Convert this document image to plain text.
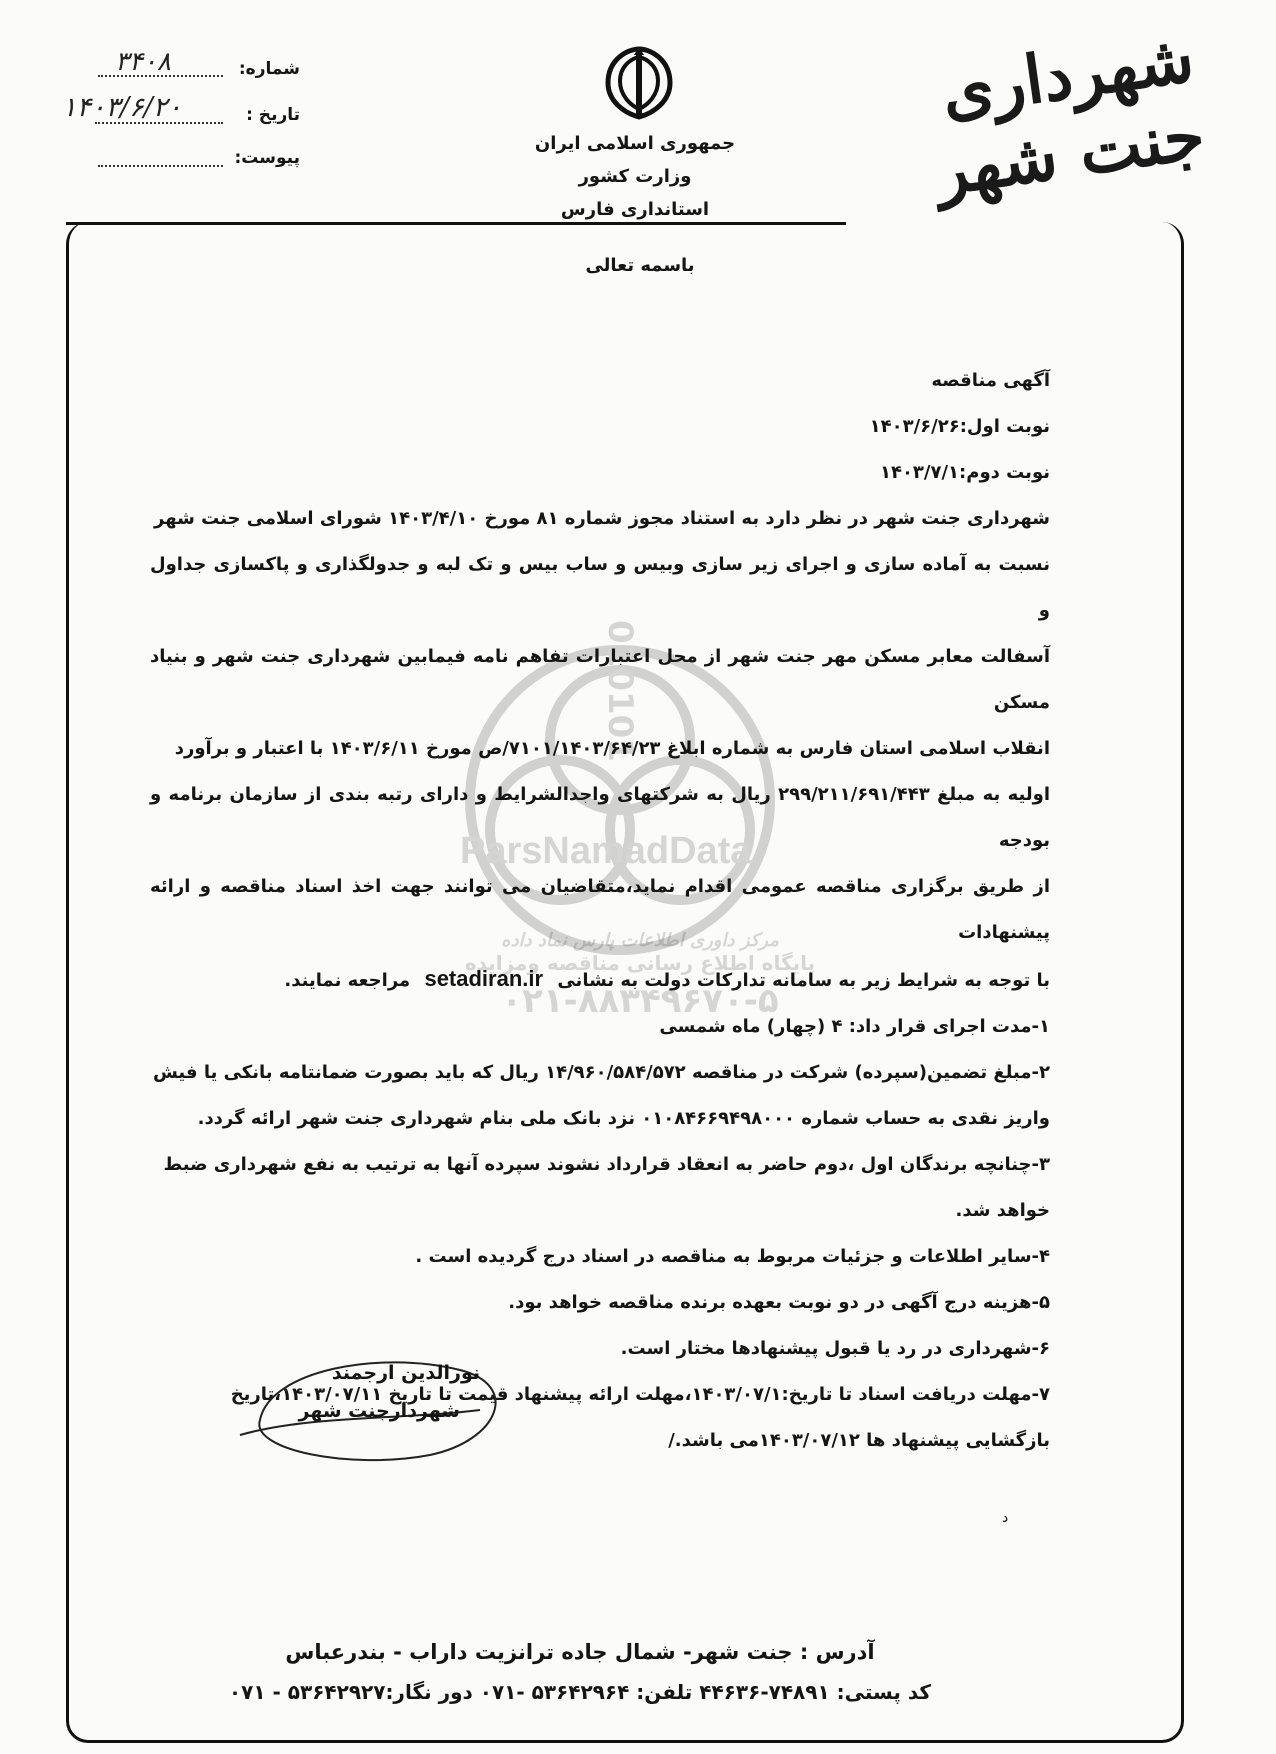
شماره:
۳۴۰۸
تاریخ :
۱۴۰۳/۶/۲۰
پیوست:
جمهوری اسلامی ایران
وزارت کشور
استانداری فارس
شهرداری جنت شهر
010101
ParsNamadData
باسمه تعالی

آگهی مناقصه

نوبت اول:۱۴۰۳/۶/۲۶

نوبت دوم:۱۴۰۳/۷/۱

شهرداری جنت شهر در نظر دارد به استناد مجوز شماره ۸۱ مورخ ۱۴۰۳/۴/۱۰ شورای اسلامی جنت شهر

نسبت به آماده سازی و اجرای زیر سازی وبیس و ساب بیس و تک لبه و جدولگذاری و پاکسازی جداول و

آسفالت معابر مسکن مهر جنت شهر از محل اعتبارات تفاهم نامه فیمابین شهرداری جنت شهر و بنیاد مسکن

انقلاب اسلامی استان فارس به شماره ابلاغ ۷۱۰۱/۱۴۰۳/۶۴/۲۳/ص مورخ ۱۴۰۳/۶/۱۱ با اعتبار و برآورد

اولیه به مبلغ ۲۹۹/۲۱۱/۶۹۱/۴۴۳ ریال به شرکتهای واجدالشرایط و دارای رتبه بندی از سازمان برنامه و بودجه

از طریق برگزاری مناقصه عمومی اقدام نماید،متقاضیان می توانند جهت اخذ اسناد مناقصه و ارائه پیشنهادات

با توجه به شرایط زیر به سامانه تدارکات دولت به نشانی setadiran.ir مراجعه نمایند.

۱-مدت اجرای قرار داد: ۴ (چهار) ماه شمسی

۲-مبلغ تضمین(سپرده) شرکت در مناقصه ۱۴/۹۶۰/۵۸۴/۵۷۲ ریال که باید بصورت ضمانتامه بانکی یا فیش

واریز نقدی به حساب شماره ۰۱۰۸۴۶۶۹۴۹۸۰۰۰ نزد بانک ملی بنام شهرداری جنت شهر ارائه گردد.

۳-چنانچه برندگان اول ،دوم حاضر به انعقاد قرارداد نشوند سپرده آنها به ترتیب به نفع شهرداری ضبط

خواهد شد.

۴-سایر اطلاعات و جزئیات مربوط به مناقصه در اسناد درج گردیده است .

۵-هزینه درج آگهی در دو نوبت بعهده برنده مناقصه خواهد بود.

۶-شهرداری در رد یا قبول پیشنهادها مختار است.

۷-مهلت دریافت اسناد تا تاریخ:۱۴۰۳/۰۷/۱،مهلت ارائه پیشنهاد قیمت تا تاریخ ۱۴۰۳/۰۷/۱۱،تاریخ

بازگشایی پیشنهاد ها ۱۴۰۳/۰۷/۱۲می باشد./

مرکز داوری اطلاعات پارس نماد داده
پایگاه اطلاع رسانی مناقصه ومزایده
۰۲۱-۸۸۳۴۹۶۷۰-۵
نورالدین ارجمند
شهردارجنت شهر
د
آدرس : جنت شهر- شمال جاده ترانزیت داراب - بندرعباس
کد پستی: ۷۴۸۹۱-۴۴۶۳۶ تلفن: ۵۳۶۴۲۹۶۴ -۰۷۱ دور نگار:۵۳۶۴۲۹۲۷ - ۰۷۱
